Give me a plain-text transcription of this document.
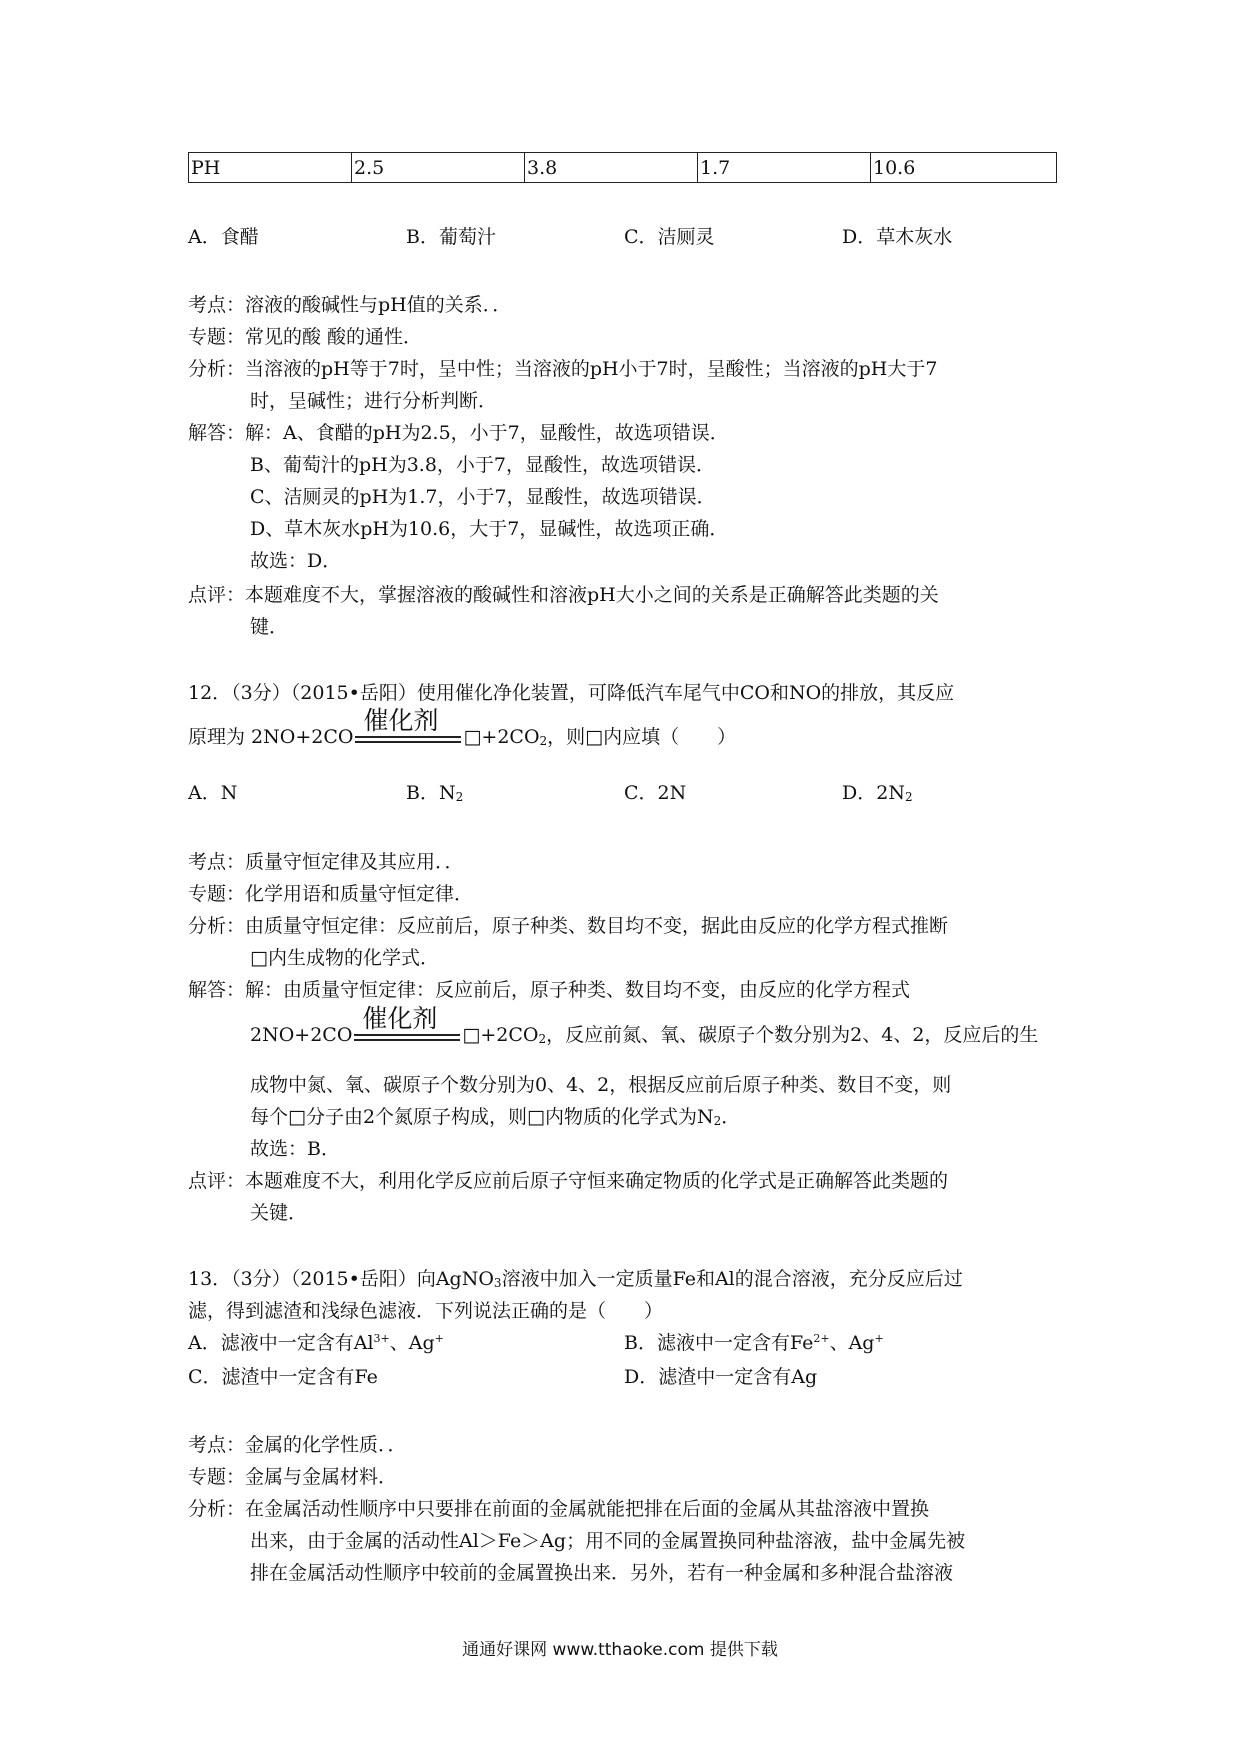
PH	2.5	3.8	1.7	10.6
A．食醋	B．葡萄汁	C．洁厕灵	D．草木灰水
考点：溶液的酸碱性与pH值的关系．．
专题：常见的酸 酸的通性．
分析：当溶液的pH等于7时，呈中性；当溶液的pH小于7时，呈酸性；当溶液的pH大于7
时，呈碱性；进行分析判断．
解答：解：A、食醋的pH为2.5，小于7，显酸性，故选项错误．
B、葡萄汁的pH为3.8，小于7，显酸性，故选项错误．
C、洁厕灵的pH为1.7，小于7，显酸性，故选项错误．
D、草木灰水pH为10.6，大于7，显碱性，故选项正确．
故选：D．
点评：本题难度不大，掌握溶液的酸碱性和溶液pH大小之间的关系是正确解答此类题的关
键．
12．（3分）（2015•岳阳）使用催化净化装置，可降低汽车尾气中CO和NO的排放，其反应
原理为 2NO+2CO
催化剂
$□+2CO_2$，则□内应填（　　）
A．N	B．$N_2$	C．2N	D．$2N_2$
考点：质量守恒定律及其应用．．
专题：化学用语和质量守恒定律．
分析：由质量守恒定律：反应前后，原子种类、数目均不变，据此由反应的化学方程式推断
□内生成物的化学式．
解答：解：由质量守恒定律：反应前后，原子种类、数目均不变，由反应的化学方程式
2NO+2CO
催化剂
$□+2CO_2$，反应前氮、氧、碳原子个数分别为2、4、2，反应后的生
成物中氮、氧、碳原子个数分别为0、4、2，根据反应前后原子种类、数目不变，则
每个□分子由2个氮原子构成，则□内物质的化学式为$N_2$．
故选：B．
点评：本题难度不大，利用化学反应前后原子守恒来确定物质的化学式是正确解答此类题的
关键．
13．（3分）（2015•岳阳）向AgNO$_3$溶液中加入一定质量Fe和Al的混合溶液，充分反应后过
滤，得到滤渣和浅绿色滤液．下列说法正确的是（　　）
A．滤液中一定含有$Al^{3+}$、Ag+	B．滤液中一定含有$Fe^{2+}$、Ag+
C．滤渣中一定含有Fe	D．滤渣中一定含有Ag
考点：金属的化学性质．．
专题：金属与金属材料．
分析：在金属活动性顺序中只要排在前面的金属就能把排在后面的金属从其盐溶液中置换
出来，由于金属的活动性Al＞Fe＞Ag；用不同的金属置换同种盐溶液，盐中金属先被
排在金属活动性顺序中较前的金属置换出来．另外，若有一种金属和多种混合盐溶液
通通好课网 www.tthaoke.com 提供下载
